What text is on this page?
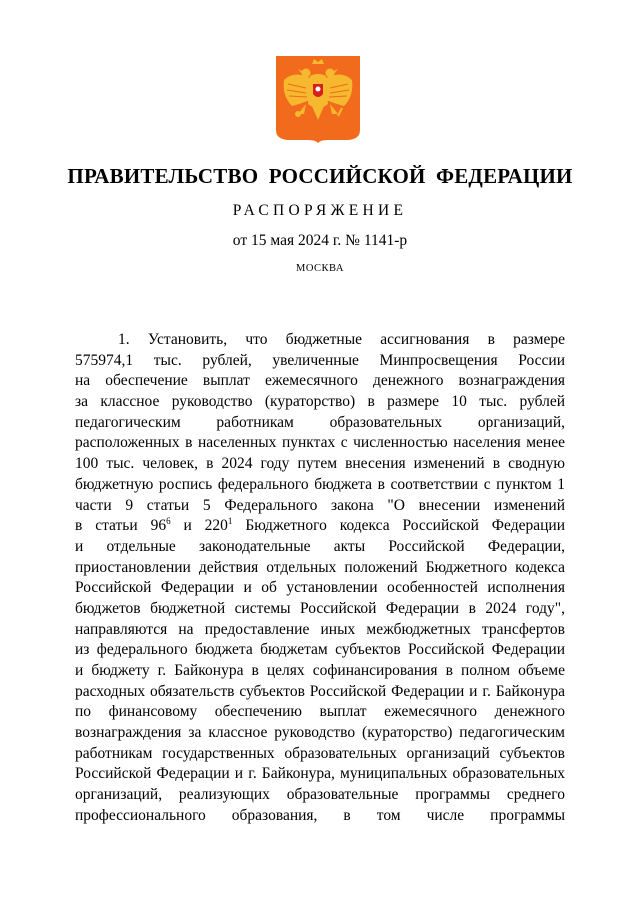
ПРАВИТЕЛЬСТВО РОССИЙСКОЙ ФЕДЕРАЦИИ
РАСПОРЯЖЕНИЕ
от 15 мая 2024 г. № 1141-р
МОСКВА
1. Установить, что бюджетные ассигнования в размере
575974,1 тыс. рублей, увеличенные Минпросвещения России
на обеспечение выплат ежемесячного денежного вознаграждения
за классное руководство (кураторство) в размере 10 тыс. рублей
педагогическим работникам образовательных организаций,
расположенных в населенных пунктах с численностью населения менее
100 тыс. человек, в 2024 году путем внесения изменений в сводную
бюджетную роспись федерального бюджета в соответствии с пунктом 1
части 9 статьи 5 Федерального закона "О внесении изменений
в статьи $96^6$ и $220^1$ Бюджетного кодекса Российской Федерации
и отдельные законодательные акты Российской Федерации,
приостановлении действия отдельных положений Бюджетного кодекса
Российской Федерации и об установлении особенностей исполнения
бюджетов бюджетной системы Российской Федерации в 2024 году",
направляются на предоставление иных межбюджетных трансфертов
из федерального бюджета бюджетам субъектов Российской Федерации
и бюджету г. Байконура в целях софинансирования в полном объеме
расходных обязательств субъектов Российской Федерации и г. Байконура
по финансовому обеспечению выплат ежемесячного денежного
вознаграждения за классное руководство (кураторство) педагогическим
работникам государственных образовательных организаций субъектов
Российской Федерации и г. Байконура, муниципальных образовательных
организаций, реализующих образовательные программы среднего
профессионального образования, в том числе программы
